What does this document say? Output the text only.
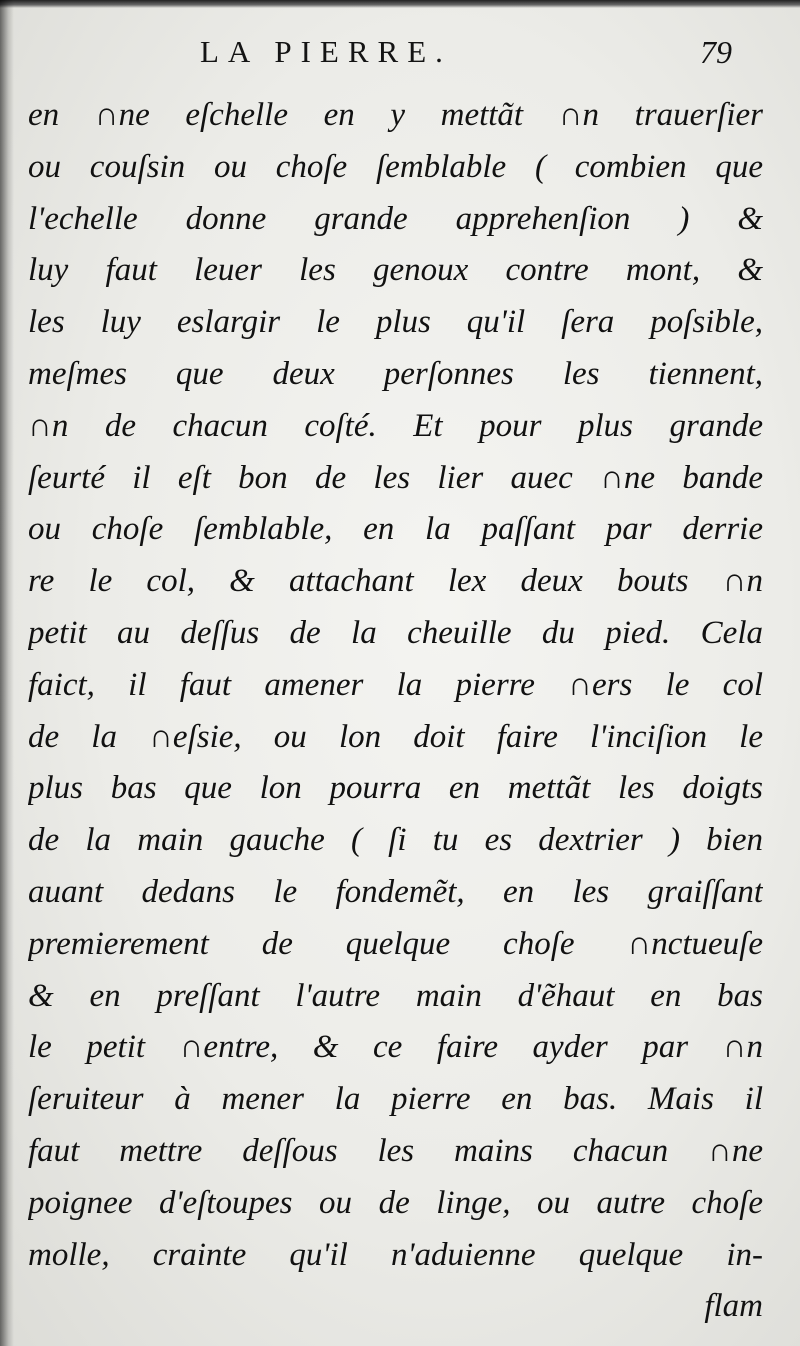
LA PIERRE.	79
en ∩ne eſchelle en y mettãt ∩n trauerſier
ou couſsin ou choſe ſemblable ( combien que
l'echelle donne grande apprehenſion ) &
luy faut leuer les genoux contre mont, &
les luy eslargir le plus qu'il ſera poſsible,
meſmes que deux perſonnes les tiennent,
∩n de chacun coſté. Et pour plus grande
ſeurté il eſt bon de les lier auec ∩ne bande
ou choſe ſemblable, en la paſſant par derrie
re le col, & attachant lex deux bouts ∩n
petit au deſſus de la cheuille du pied. Cela
faict, il faut amener la pierre ∩ers le col
de la ∩eſsie, ou lon doit faire l'inciſion le
plus bas que lon pourra en mettãt les doigts
de la main gauche ( ſi tu es dextrier ) bien
auant dedans le fondemẽt, en les graiſſant
premierement de quelque choſe ∩nctueuſe
& en preſſant l'autre main d'ẽhaut en bas
le petit ∩entre, & ce faire ayder par ∩n
ſeruiteur à mener la pierre en bas. Mais il
faut mettre deſſous les mains chacun ∩ne
poignee d'eſtoupes ou de linge, ou autre choſe
molle, crainte qu'il n'aduienne quelque in-
flam
